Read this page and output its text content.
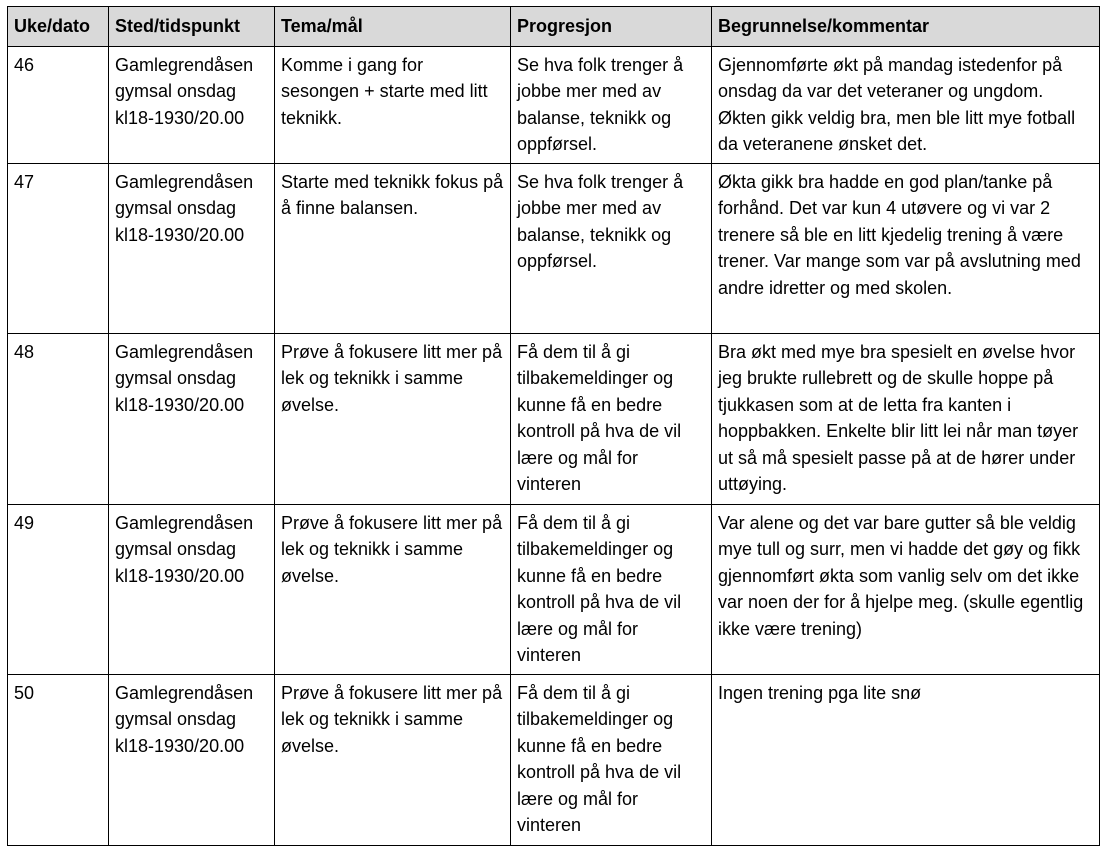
Uke/dato	Sted/tidspunkt	Tema/mål	Progresjon	Begrunnelse/kommentar
46	Gamlegrendåsen gymsal onsdag kl18-1930/20.00	Komme i gang for sesongen + starte med litt teknikk.	Se hva folk trenger å jobbe mer med av balanse, teknikk og oppførsel.	Gjennomførte økt på mandag istedenfor på onsdag da var det veteraner og ungdom. Økten gikk veldig bra, men ble litt mye fotball da veteranene ønsket det.
47	Gamlegrendåsen gymsal onsdag kl18-1930/20.00	Starte med teknikk fokus på å finne balansen.	Se hva folk trenger å jobbe mer med av balanse, teknikk og oppførsel.	Økta gikk bra hadde en god plan/tanke på forhånd. Det var kun 4 utøvere og vi var 2 trenere så ble en litt kjedelig trening å være trener. Var mange som var på avslutning med andre idretter og med skolen.
48	Gamlegrendåsen gymsal onsdag kl18-1930/20.00	Prøve å fokusere litt mer på lek og teknikk i samme øvelse.	Få dem til å gi tilbakemeldinger og kunne få en bedre kontroll på hva de vil lære og mål for vinteren	Bra økt med mye bra spesielt en øvelse hvor jeg brukte rullebrett og de skulle hoppe på tjukkasen som at de letta fra kanten i hoppbakken. Enkelte blir litt lei når man tøyer ut så må spesielt passe på at de hører under uttøying.
49	Gamlegrendåsen gymsal onsdag kl18-1930/20.00	Prøve å fokusere litt mer på lek og teknikk i samme øvelse.	Få dem til å gi tilbakemeldinger og kunne få en bedre kontroll på hva de vil lære og mål for vinteren	Var alene og det var bare gutter så ble veldig mye tull og surr, men vi hadde det gøy og fikk gjennomført økta som vanlig selv om det ikke var noen der for å hjelpe meg. (skulle egentlig ikke være trening)
50	Gamlegrendåsen gymsal onsdag kl18-1930/20.00	Prøve å fokusere litt mer på lek og teknikk i samme øvelse.	Få dem til å gi tilbakemeldinger og kunne få en bedre kontroll på hva de vil lære og mål for vinteren	Ingen trening pga lite snø
